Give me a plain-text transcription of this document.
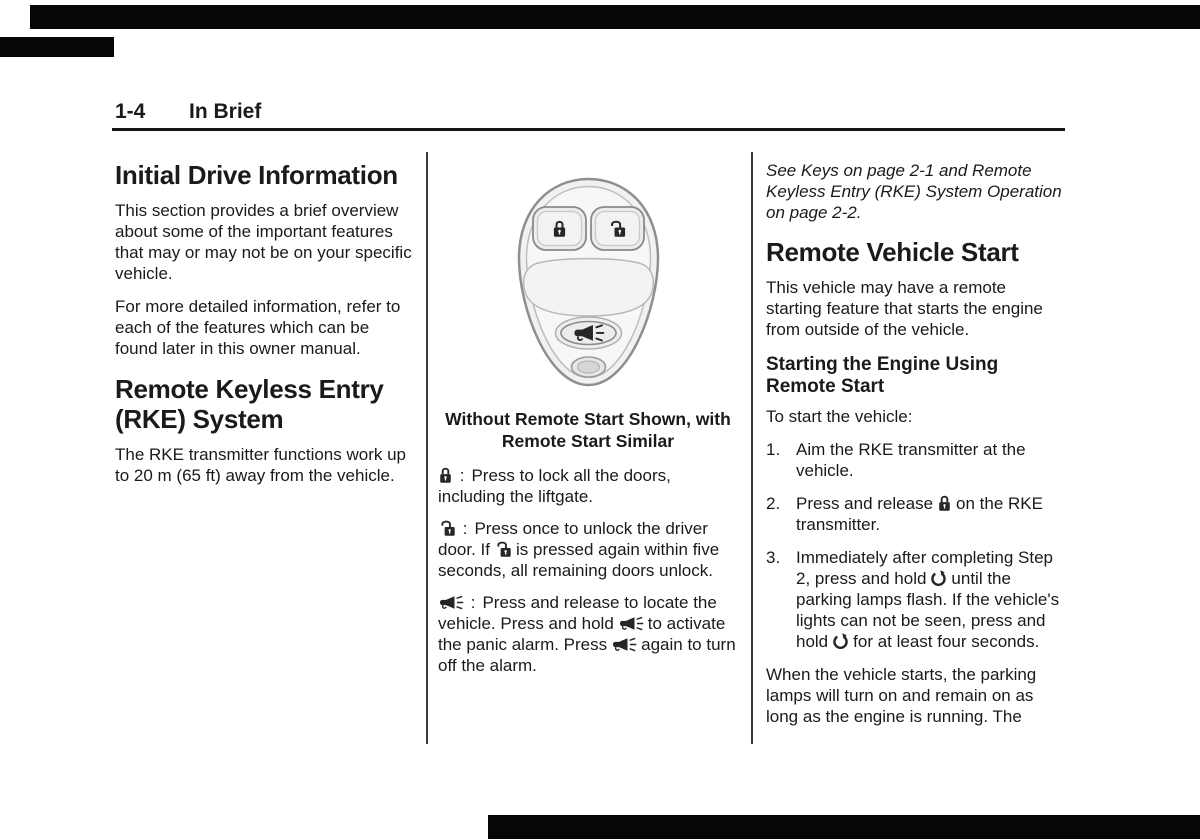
1-4 In Brief
Initial Drive Information

This section provides a brief overview about some of the important features that may or may not be on your specific vehicle.

For more detailed information, refer to each of the features which can be found later in this owner manual.

Remote Keyless Entry (RKE) System

The RKE transmitter functions work up to 20 m (65 ft) away from the vehicle.

Without Remote Start Shown, with Remote Start Similar

: Press to lock all the doors, including the liftgate.

: Press once to unlock the driver door. If is pressed again within five seconds, all remaining doors unlock.

: Press and release to locate the vehicle. Press and hold to activate the panic alarm. Press again to turn off the alarm.

See Keys on page 2-1 and Remote Keyless Entry (RKE) System Operation on page 2-2.

Remote Vehicle Start

This vehicle may have a remote starting feature that starts the engine from outside of the vehicle.

Starting the Engine Using Remote Start

To start the vehicle:

1. Aim the RKE transmitter at the vehicle.
2. Press and release on the RKE transmitter.
3. Immediately after completing Step 2, press and hold until the parking lamps flash. If the vehicle's lights can not be seen, press and hold for at least four seconds.

When the vehicle starts, the parking lamps will turn on and remain on as long as the engine is running. The
